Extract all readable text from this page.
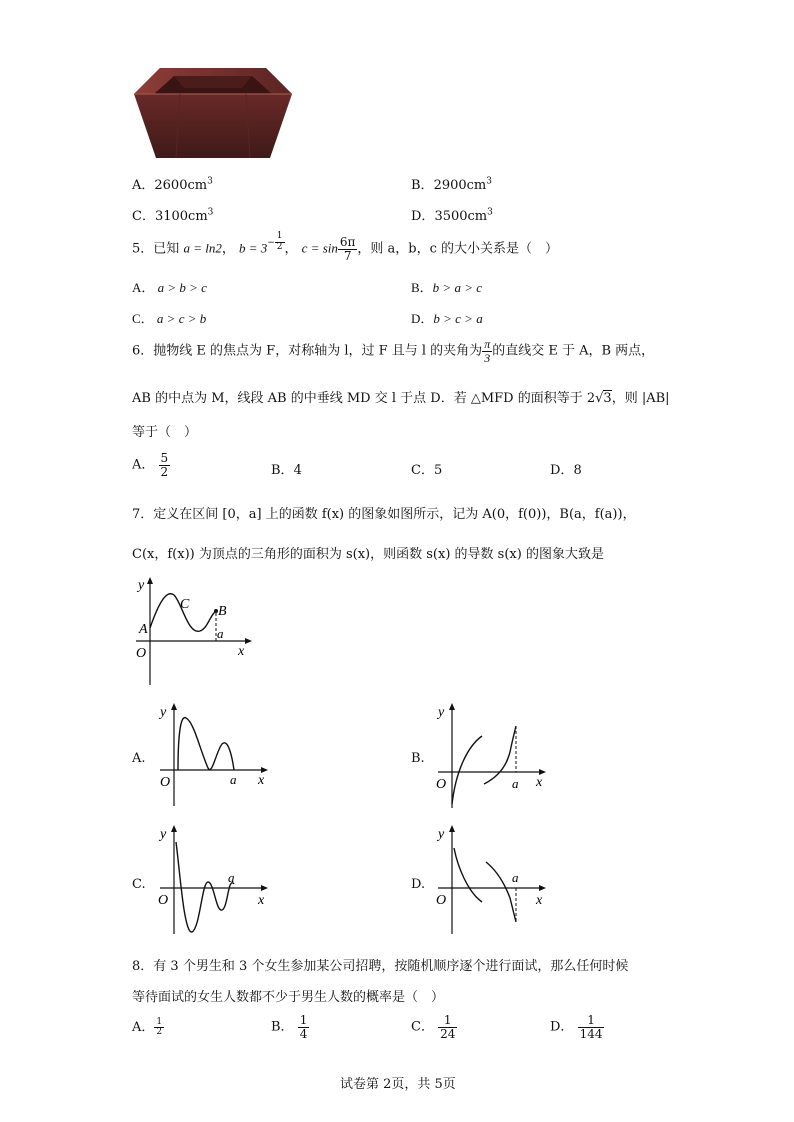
A．$2600cm^3$	B．$2900cm^3$
C．$3100cm^3$	D．$3500cm^3$
5．已知 a = ln2， $b = 3^{- \frac{1}{2}}$ ， $c = \sin \frac{6\pi}{7}$ ，则 a，b，c 的大小关系是（　）
A． a > b > c	B．b > a > c
C． a > c > b	D．b > c > a
6．抛物线 E 的焦点为 F，对称轴为 l，过 F 且与 l 的夹角为 $\frac{\pi}{3}$ 的直线交 E 于 A，B 两点，
AB 的中点为 M，线段 AB 的中垂线 MD 交 l 于点 D．若 △MFD 的面积等于 2√3，则 |AB|
等于（　）
A． $\frac{5}{2}$	B．4	C．5	D．8
7．定义在区间 [0，a] 上的函数 f(x) 的图象如图所示，记为 A(0，f(0))，B(a，f(a))，
C(x，f(x)) 为顶点的三角形的面积为 s(x)，则函数 s(x) 的导数 s(x) 的图象大致是
y
x
O
A
B
C
a
A.
y
x
O	a
B.
y
x
O	a
C.
y
x
O
a	D.
y
x
O
a
8．有 3 个男生和 3 个女生参加某公司招聘，按随机顺序逐个进行面试，那么任何时候
等待面试的女生人数都不少于男生人数的概率是（　）
A． $\frac{1}{2}$	B． $\frac{1}{4}$	C． $\frac{1}{24}$	D． $\frac{1}{144}$
试卷第 2页，共 5页
